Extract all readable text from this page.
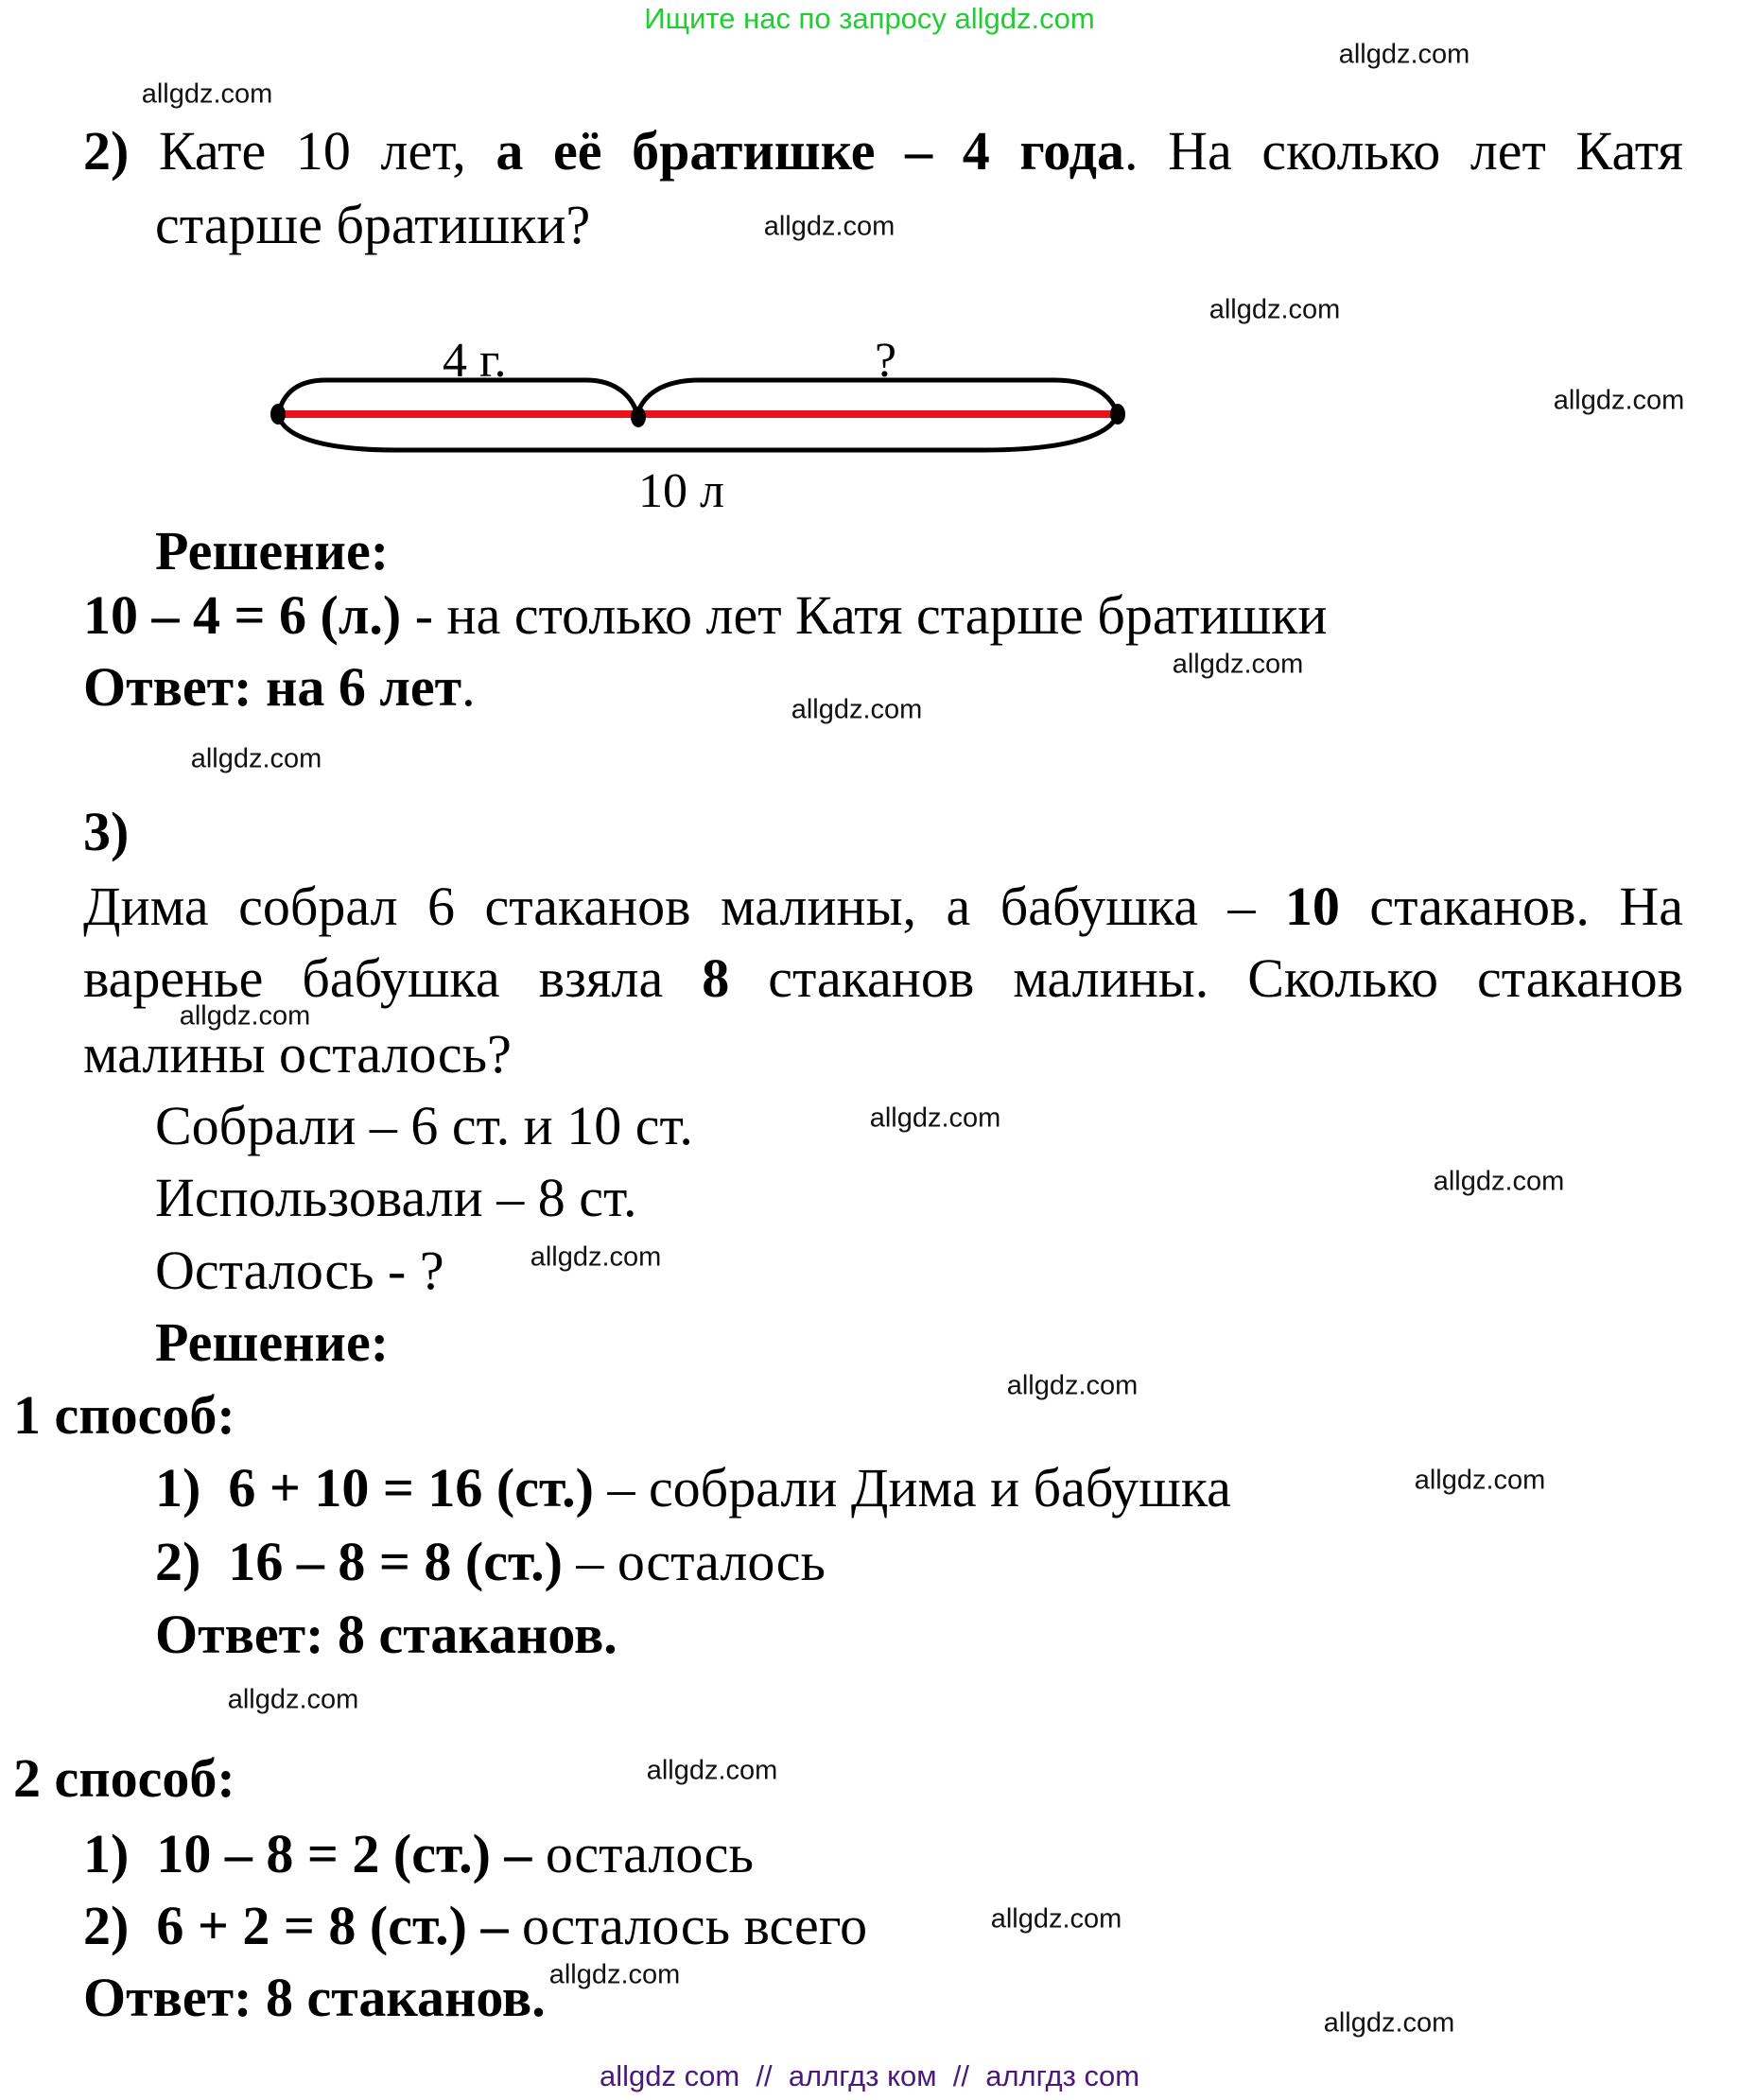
Ищите нас по запросу allgdz.com
allgdz.com
allgdz.com
allgdz.com
allgdz.com
allgdz.com
allgdz.com
allgdz.com
allgdz.com
allgdz.com
allgdz.com
allgdz.com
allgdz.com
allgdz.com
allgdz.com
allgdz.com
allgdz.com
allgdz.com
allgdz.com
allgdz.com
2) Кате 10 лет, а её братишке – 4 года. На сколько лет Катя
старше братишки?
4 г.	?
10 л
Решение:
10 – 4 = 6 (л.) - на столько лет Катя старше братишки
Ответ: на 6 лет.
3)
Дима собрал 6 стаканов малины, а бабушка – 10 стаканов. На
варенье бабушка взяла 8 стаканов малины. Сколько стаканов
малины осталось?
Собрали – 6 ст. и 10 ст.
Использовали – 8 ст.
Осталось - ?
Решение:
1 способ:
1) 6 + 10 = 16 (ст.) – собрали Дима и бабушка
2) 16 – 8 = 8 (ст.) – осталось
Ответ: 8 стаканов.
2 способ:
1) 10 – 8 = 2 (ст.) – осталось
2) 6 + 2 = 8 (ст.) – осталось всего
Ответ: 8 стаканов.
allgdz com  //  аллгдз ком  //  аллгдз com
